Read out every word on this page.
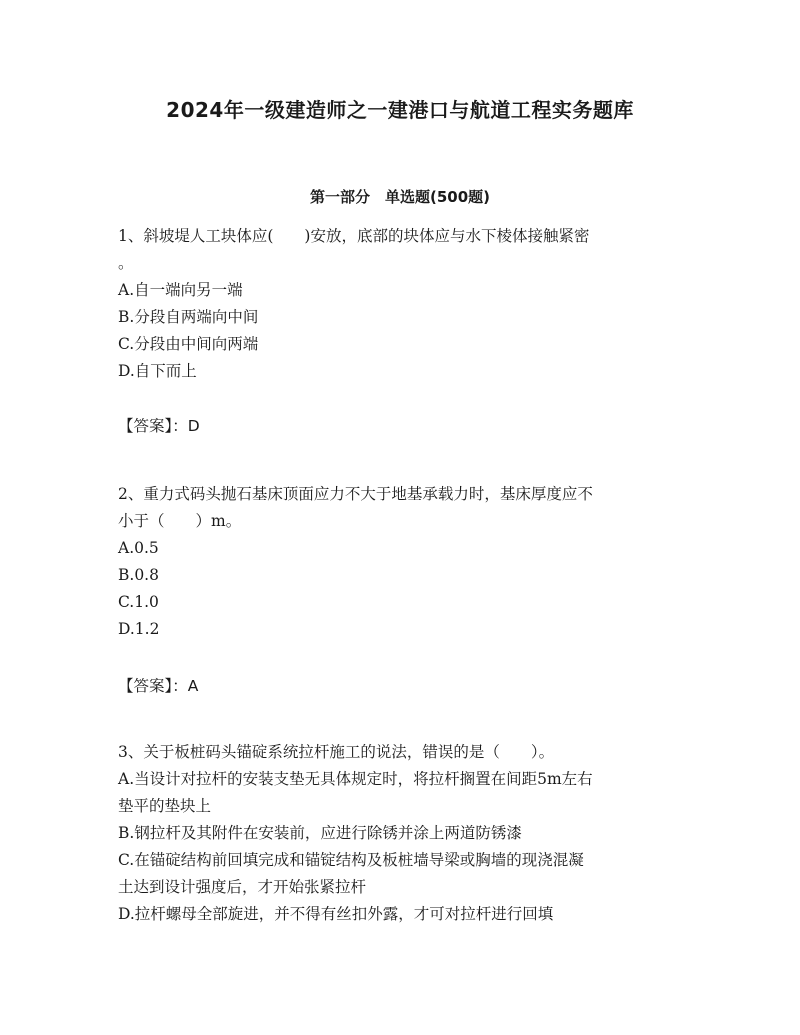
2024年一级建造师之一建港口与航道工程实务题库
第一部分　单选题(500题)

1、斜坡堤人工块体应(　　)安放，底部的块体应与水下棱体接触紧密

。

A.自一端向另一端

B.分段自两端向中间

C.分段由中间向两端

D.自下而上

【答案】：D

2、重力式码头抛石基床顶面应力不大于地基承载力时，基床厚度应不

小于（　　）m。

A.0.5

B.0.8

C.1.0

D.1.2

【答案】：A

3、关于板桩码头锚碇系统拉杆施工的说法，错误的是（　　）。

A.当设计对拉杆的安装支垫无具体规定时，将拉杆搁置在间距5m左右

垫平的垫块上

B.钢拉杆及其附件在安装前，应进行除锈并涂上两道防锈漆

C.在锚碇结构前回填完成和锚锭结构及板桩墙导梁或胸墙的现浇混凝

土达到设计强度后，才开始张紧拉杆

D.拉杆螺母全部旋进，并不得有丝扣外露，才可对拉杆进行回填
